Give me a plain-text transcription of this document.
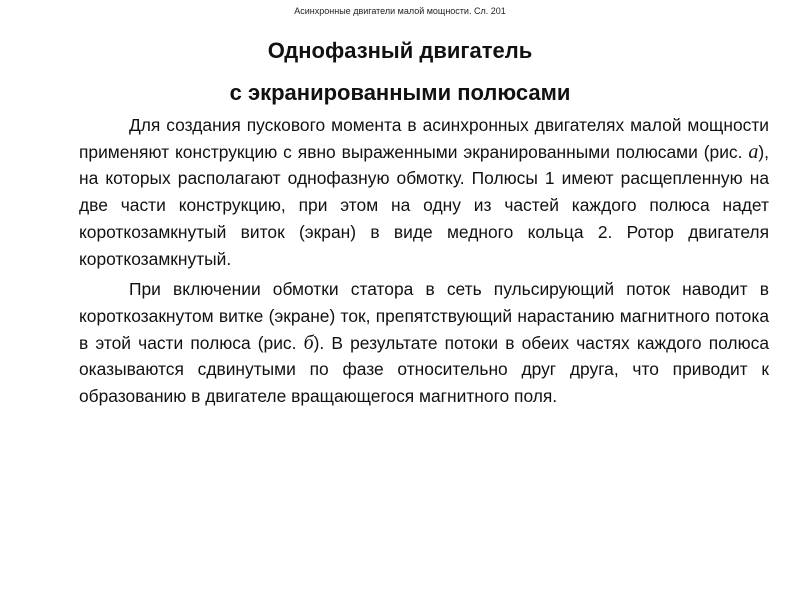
Асинхронные двигатели малой мощности. Сл. 201
Однофазный двигатель
с экранированными полюсами

Для создания пускового момента в асинхронных двигателях малой мощности применяют конструкцию с явно выраженными экранированными полюсами (рис. а), на которых располагают однофазную обмотку. Полюсы 1 имеют расщепленную на две части конструкцию, при этом на одну из частей каждого полюса надет короткозамкнутый виток (экран) в виде медного кольца 2. Ротор двигателя короткозамкнутый.

При включении обмотки статора в сеть пульсирующий поток наводит в короткозакнутом витке (экране) ток, препятствующий нарастанию магнитного потока в этой части полюса (рис. б). В результате потоки в обеих частях каждого полюса оказываются сдвинутыми по фазе относительно друг друга, что приводит к образованию в двигателе вращающегося магнитного поля.
